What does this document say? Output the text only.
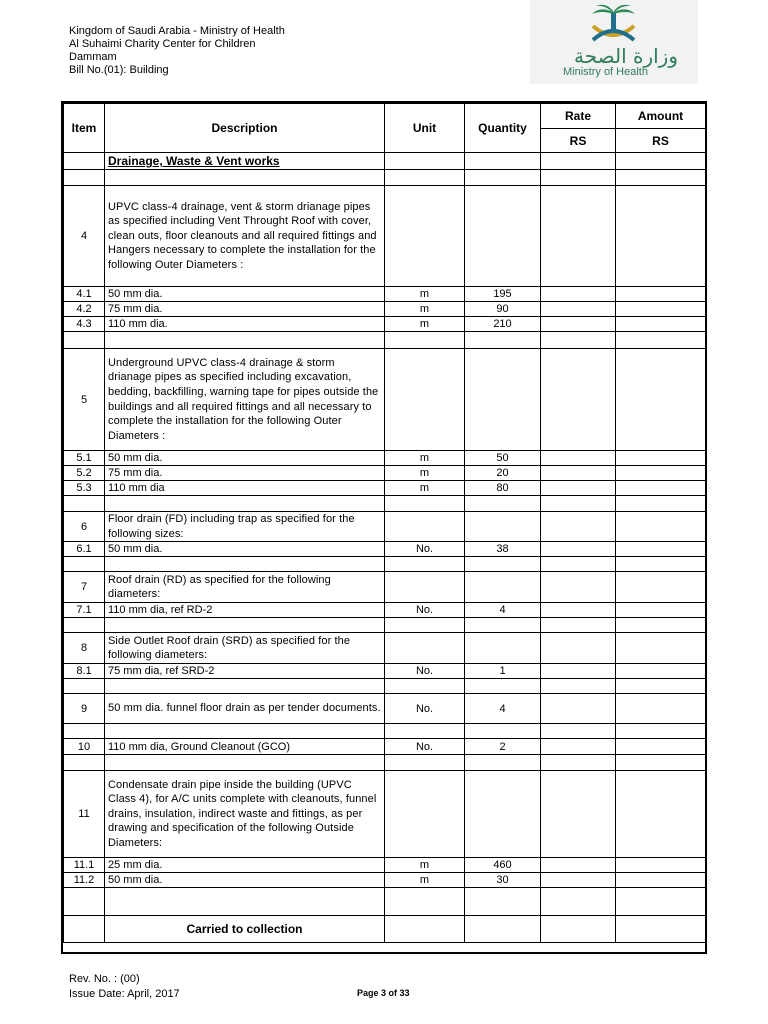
Kingdom of Saudi Arabia - Ministry of Health
Al Suhaimi Charity Center for Children
Dammam
Bill No.(01): Building
وزارة الصحة
Ministry of Health
Item	Description	Unit	Quantity	Rate	Amount
				RS	RS
	Drainage, Waste & Vent works				

4	UPVC class-4 drainage, vent & storm drianage pipes as specified including Vent Throught Roof with cover, clean outs, floor cleanouts and all required fittings and Hangers necessary to complete the installation for the following Outer Diameters :				
4.1	50 mm dia.	m	195		
4.2	75 mm dia.	m	90		
4.3	110 mm dia.	m	210		

5	Underground UPVC class-4 drainage & storm drianage pipes as specified including excavation, bedding, backfilling, warning tape for pipes outside the buildings and all required fittings and all necessary to complete the installation for the following Outer Diameters :				
5.1	50 mm dia.	m	50		
5.2	75 mm dia.	m	20		
5.3	110 mm dia	m	80		

6	Floor drain (FD) including trap as specified for the following sizes:				
6.1	50 mm dia.	No.	38		

7	Roof drain (RD) as specified for the following diameters:				
7.1	110 mm dia, ref RD-2	No.	4		

8	Side Outlet Roof drain (SRD) as specified for the following diameters:				
8.1	75 mm dia, ref SRD-2	No.	1		

9	50 mm dia. funnel floor drain as per tender documents.	No.	4		

10	110 mm dia, Ground Cleanout (GCO)	No.	2		

11	Condensate drain pipe inside the building (UPVC Class 4), for A/C units complete with cleanouts, funnel drains, insulation, indirect waste and fittings, as per drawing and specification of the following Outside Diameters:				
11.1	25 mm dia.	m	460		
11.2	50 mm dia.	m	30		

	Carried to collection				
Rev. No. : (00)
Issue Date: April, 2017	Page 3 of 33
